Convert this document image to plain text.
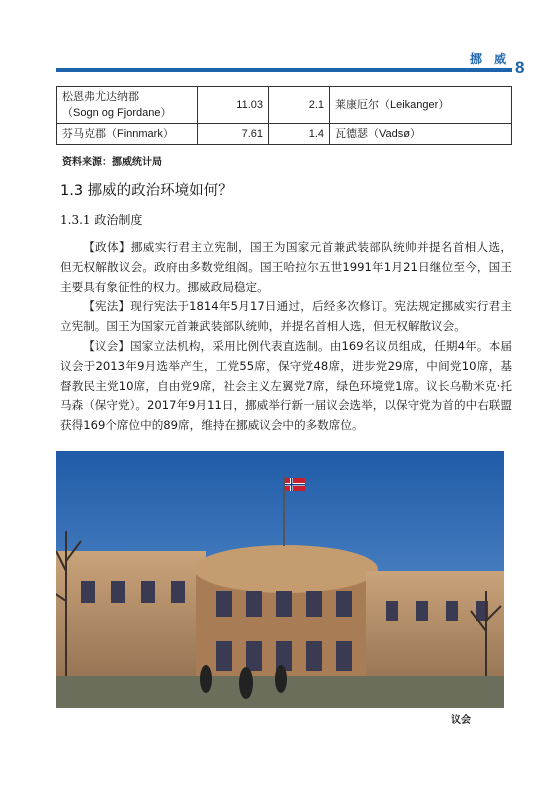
挪 威 8
松恩弗尤达纳郡
（Sogn og Fjordane）	11.03	2.1	莱康厄尔（Leikanger）

芬马克郡（Finnmark）	7.61	1.4	瓦德瑟（Vadsø）
资料来源：挪威统计局
1.3 挪威的政治环境如何？
1.3.1 政治制度

【政体】挪威实行君主立宪制，国王为国家元首兼武装部队统帅并提名首相人选，但无权解散议会。政府由多数党组阁。国王哈拉尔五世1991年1月21日继位至今，国王主要具有象征性的权力。挪威政局稳定。

【宪法】现行宪法于1814年5月17日通过，后经多次修订。宪法规定挪威实行君主立宪制。国王为国家元首兼武装部队统帅，并提名首相人选，但无权解散议会。

【议会】国家立法机构，采用比例代表直选制。由169名议员组成，任期4年。本届议会于2013年9月选举产生，工党55席，保守党48席，进步党29席，中间党10席，基督教民主党10席，自由党9席，社会主义左翼党7席，绿色环境党1席。议长乌勒米克·托马森（保守党）。2017年9月11日，挪威举行新一届议会选举，以保守党为首的中右联盟获得169个席位中的89席，维持在挪威议会中的多数席位。

议会
